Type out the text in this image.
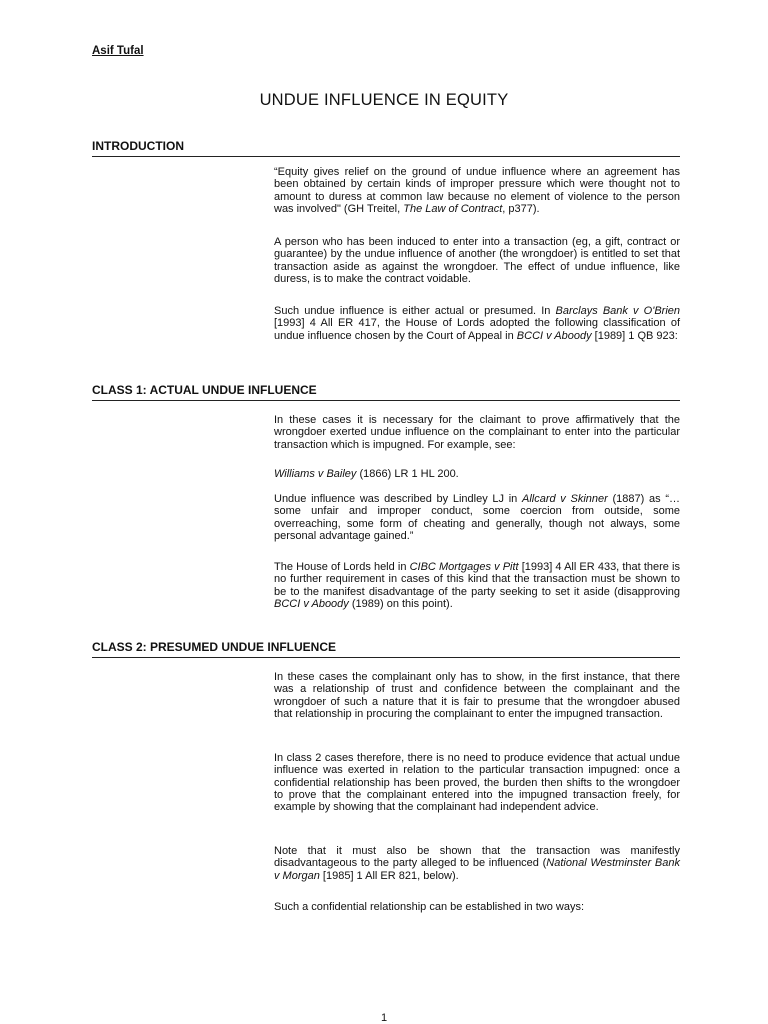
Asif Tufal
UNDUE INFLUENCE IN EQUITY
INTRODUCTION

“Equity gives relief on the ground of undue influence where an agreement has been obtained by certain kinds of improper pressure which were thought not to amount to duress at common law because no element of violence to the person was involved" (GH Treitel, The Law of Contract, p377).

A person who has been induced to enter into a transaction (eg, a gift, contract or guarantee) by the undue influence of another (the wrongdoer) is entitled to set that transaction aside as against the wrongdoer. The effect of undue influence, like duress, is to make the contract voidable.

Such undue influence is either actual or presumed. In Barclays Bank v O'Brien [1993] 4 All ER 417, the House of Lords adopted the following classification of undue influence chosen by the Court of Appeal in BCCI v Aboody [1989] 1 QB 923:

CLASS 1: ACTUAL UNDUE INFLUENCE

In these cases it is necessary for the claimant to prove affirmatively that the wrongdoer exerted undue influence on the complainant to enter into the particular transaction which is impugned. For example, see:

Williams v Bailey (1866) LR 1 HL 200.

Undue influence was described by Lindley LJ in Allcard v Skinner (1887) as “… some unfair and improper conduct, some coercion from outside, some overreaching, some form of cheating and generally, though not always, some personal advantage gained.”

The House of Lords held in CIBC Mortgages v Pitt [1993] 4 All ER 433, that there is no further requirement in cases of this kind that the transaction must be shown to be to the manifest disadvantage of the party seeking to set it aside (disapproving BCCI v Aboody (1989) on this point).

CLASS 2: PRESUMED UNDUE INFLUENCE

In these cases the complainant only has to show, in the first instance, that there was a relationship of trust and confidence between the complainant and the wrongdoer of such a nature that it is fair to presume that the wrongdoer abused that relationship in procuring the complainant to enter the impugned transaction.

In class 2 cases therefore, there is no need to produce evidence that actual undue influence was exerted in relation to the particular transaction impugned: once a confidential relationship has been proved, the burden then shifts to the wrongdoer to prove that the complainant entered into the impugned transaction freely, for example by showing that the complainant had independent advice.

Note that it must also be shown that the transaction was manifestly disadvantageous to the party alleged to be influenced (National Westminster Bank v Morgan [1985] 1 All ER 821, below).

Such a confidential relationship can be established in two ways:

1
